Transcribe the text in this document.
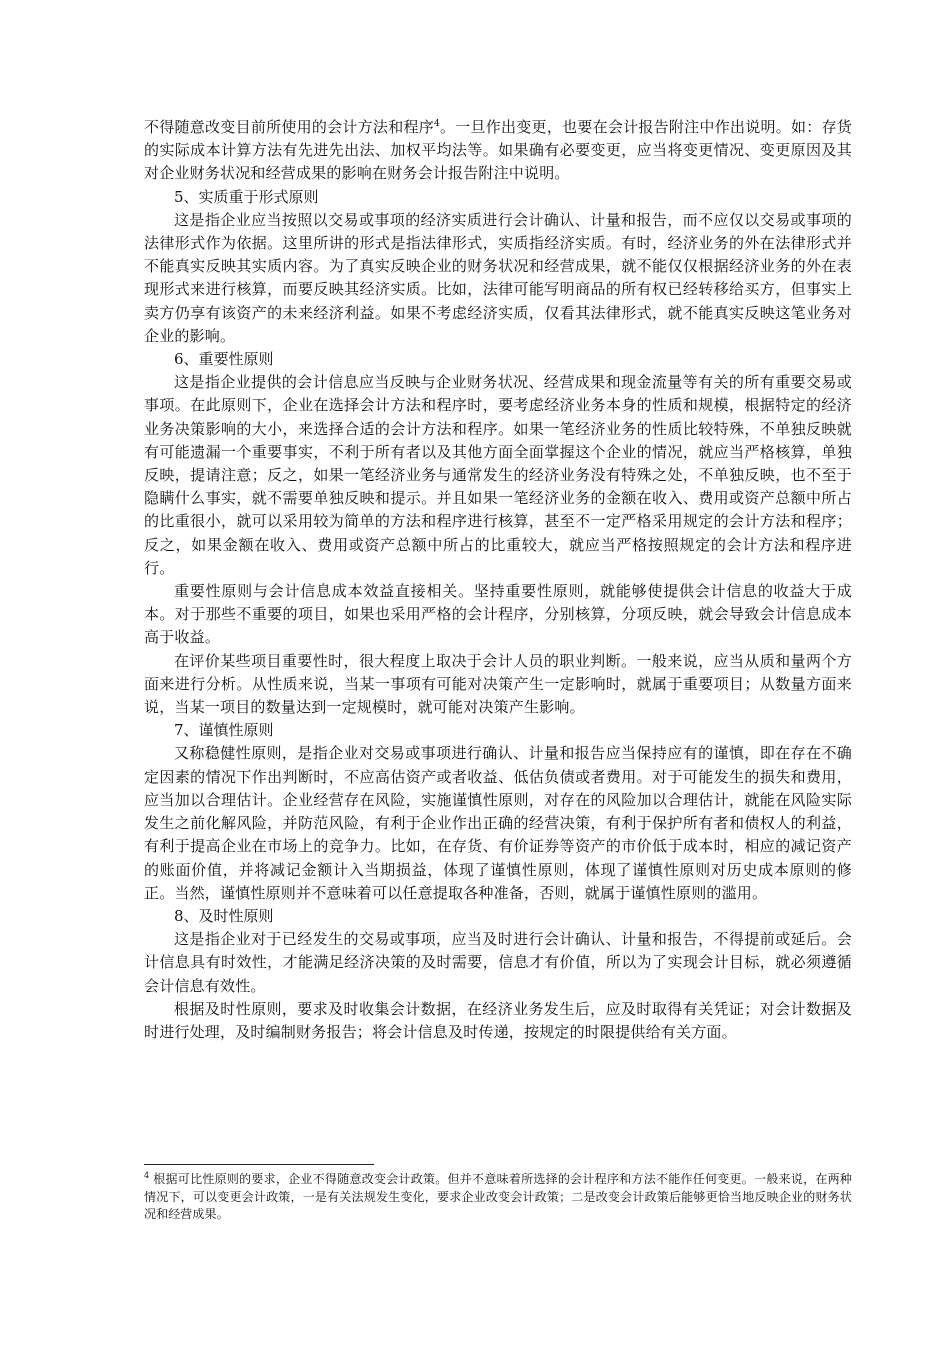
不得随意改变目前所使用的会计方法和程序$^4$。一旦作出变更，也要在会计报告附注中作出说明。如：存货的实际成本计算方法有先进先出法、加权平均法等。如果确有必要变更，应当将变更情况、变更原因及其对企业财务状况和经营成果的影响在财务会计报告附注中说明。

5、实质重于形式原则

这是指企业应当按照以交易或事项的经济实质进行会计确认、计量和报告，而不应仅以交易或事项的法律形式作为依据。这里所讲的形式是指法律形式，实质指经济实质。有时，经济业务的外在法律形式并不能真实反映其实质内容。为了真实反映企业的财务状况和经营成果，就不能仅仅根据经济业务的外在表现形式来进行核算，而要反映其经济实质。比如，法律可能写明商品的所有权已经转移给买方，但事实上卖方仍享有该资产的未来经济利益。如果不考虑经济实质，仅看其法律形式，就不能真实反映这笔业务对企业的影响。

6、重要性原则

这是指企业提供的会计信息应当反映与企业财务状况、经营成果和现金流量等有关的所有重要交易或事项。在此原则下，企业在选择会计方法和程序时，要考虑经济业务本身的性质和规模，根据特定的经济业务决策影响的大小，来选择合适的会计方法和程序。如果一笔经济业务的性质比较特殊，不单独反映就有可能遗漏一个重要事实，不利于所有者以及其他方面全面掌握这个企业的情况，就应当严格核算，单独反映，提请注意；反之，如果一笔经济业务与通常发生的经济业务没有特殊之处，不单独反映，也不至于隐瞒什么事实，就不需要单独反映和提示。并且如果一笔经济业务的金额在收入、费用或资产总额中所占的比重很小，就可以采用较为简单的方法和程序进行核算，甚至不一定严格采用规定的会计方法和程序；反之，如果金额在收入、费用或资产总额中所占的比重较大，就应当严格按照规定的会计方法和程序进行。

重要性原则与会计信息成本效益直接相关。坚持重要性原则，就能够使提供会计信息的收益大于成本。对于那些不重要的项目，如果也采用严格的会计程序，分别核算，分项反映，就会导致会计信息成本高于收益。

在评价某些项目重要性时，很大程度上取决于会计人员的职业判断。一般来说，应当从质和量两个方面来进行分析。从性质来说，当某一事项有可能对决策产生一定影响时，就属于重要项目；从数量方面来说，当某一项目的数量达到一定规模时，就可能对决策产生影响。

7、谨慎性原则

又称稳健性原则，是指企业对交易或事项进行确认、计量和报告应当保持应有的谨慎，即在存在不确定因素的情况下作出判断时，不应高估资产或者收益、低估负债或者费用。对于可能发生的损失和费用，应当加以合理估计。企业经营存在风险，实施谨慎性原则，对存在的风险加以合理估计，就能在风险实际发生之前化解风险，并防范风险，有利于企业作出正确的经营决策，有利于保护所有者和债权人的利益，有利于提高企业在市场上的竞争力。比如，在存货、有价证券等资产的市价低于成本时，相应的减记资产的账面价值，并将减记金额计入当期损益，体现了谨慎性原则，体现了谨慎性原则对历史成本原则的修正。当然，谨慎性原则并不意味着可以任意提取各种准备，否则，就属于谨慎性原则的滥用。

8、及时性原则

这是指企业对于已经发生的交易或事项，应当及时进行会计确认、计量和报告，不得提前或延后。会计信息具有时效性，才能满足经济决策的及时需要，信息才有价值，所以为了实现会计目标，就必须遵循会计信息有效性。

根据及时性原则，要求及时收集会计数据，在经济业务发生后，应及时取得有关凭证；对会计数据及时进行处理，及时编制财务报告；将会计信息及时传递，按规定的时限提供给有关方面。

$^4$ 根据可比性原则的要求，企业不得随意改变会计政策。但并不意味着所选择的会计程序和方法不能作任何变更。一般来说，在两种情况下，可以变更会计政策，一是有关法规发生变化，要求企业改变会计政策；二是改变会计政策后能够更恰当地反映企业的财务状况和经营成果。
